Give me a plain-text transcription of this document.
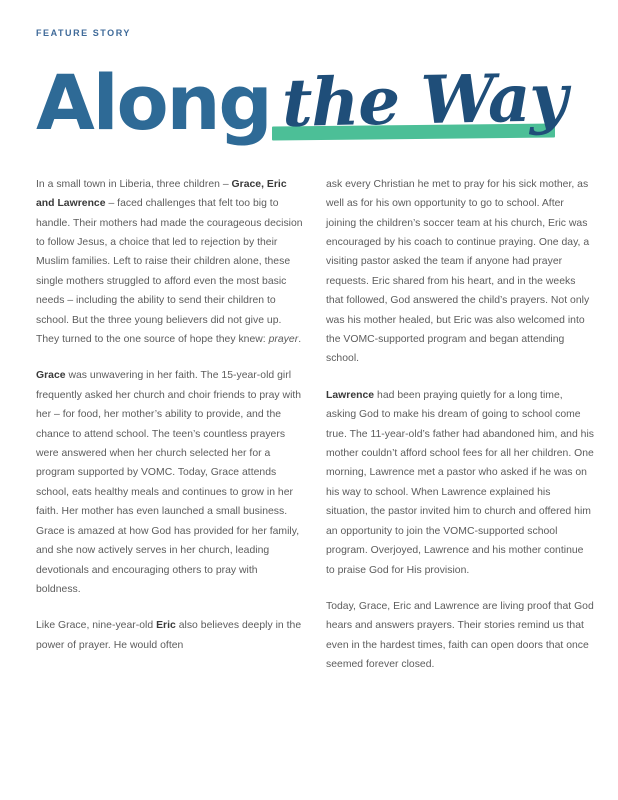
FEATURE STORY
Along the Way

In a small town in Liberia, three children – Grace, Eric and Lawrence – faced challenges that felt too big to handle. Their mothers had made the courageous decision to follow Jesus, a choice that led to rejection by their Muslim families. Left to raise their children alone, these single mothers struggled to afford even the most basic needs – including the ability to send their children to school. But the three young believers did not give up. They turned to the one source of hope they knew: prayer.

Grace was unwavering in her faith. The 15-year-old girl frequently asked her church and choir friends to pray with her – for food, her mother’s ability to provide, and the chance to attend school. The teen’s countless prayers were answered when her church selected her for a program supported by VOMC. Today, Grace attends school, eats healthy meals and continues to grow in her faith. Her mother has even launched a small business. Grace is amazed at how God has provided for her family, and she now actively serves in her church, leading devotionals and encouraging others to pray with boldness.

Like Grace, nine-year-old Eric also believes deeply in the power of prayer. He would often

ask every Christian he met to pray for his sick mother, as well as for his own opportunity to go to school. After joining the children’s soccer team at his church, Eric was encouraged by his coach to continue praying. One day, a visiting pastor asked the team if anyone had prayer requests. Eric shared from his heart, and in the weeks that followed, God answered the child’s prayers. Not only was his mother healed, but Eric was also welcomed into the VOMC-supported program and began attending school.

Lawrence had been praying quietly for a long time, asking God to make his dream of going to school come true. The 11-year-old’s father had abandoned him, and his mother couldn’t afford school fees for all her children. One morning, Lawrence met a pastor who asked if he was on his way to school. When Lawrence explained his situation, the pastor invited him to church and offered him an opportunity to join the VOMC-supported school program. Overjoyed, Lawrence and his mother continue to praise God for His provision.

Today, Grace, Eric and Lawrence are living proof that God hears and answers prayers. Their stories remind us that even in the hardest times, faith can open doors that once seemed forever closed.
